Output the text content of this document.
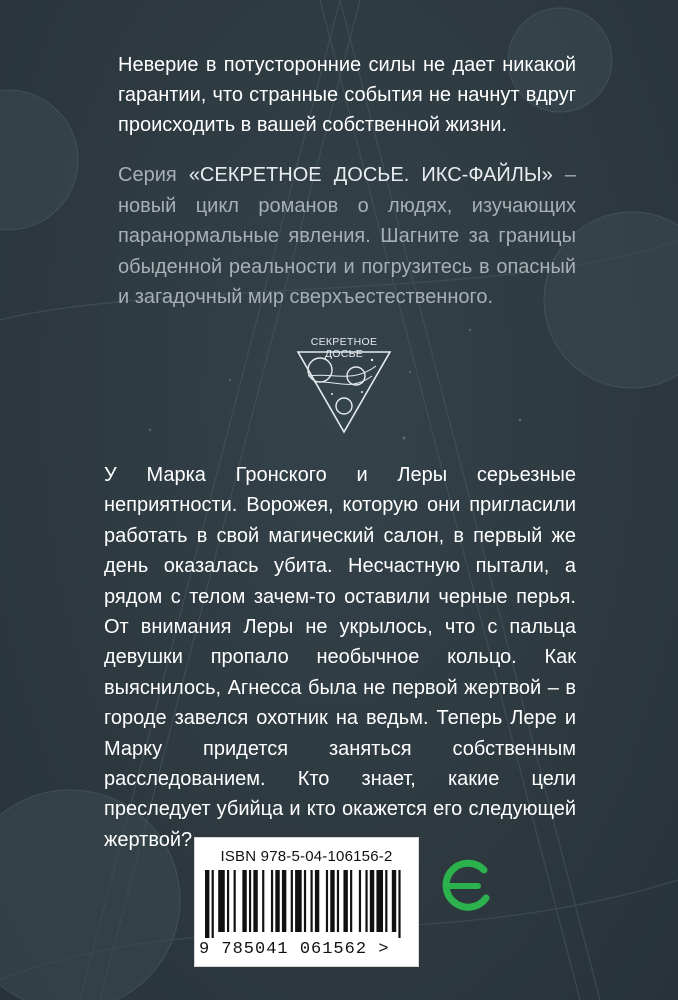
Неверие в потусторонние силы не дает никакой гарантии, что странные события не начнут вдруг происходить в вашей собственной жизни.
Серия «СЕКРЕТНОЕ ДОСЬЕ. ИКС-ФАЙЛЫ» – новый цикл романов о людях, изучающих паранормальные явления. Шагните за границы обыденной реальности и погрузитесь в опасный и загадочный мир сверхъестественного.
СЕКРЕТНОЕ ДОСЬЕ
У Марка Гронского и Леры серьезные неприятности. Ворожея, которую они пригласили работать в свой магический салон, в первый же день оказалась убита. Несчастную пытали, а рядом с телом зачем-то оставили черные перья. От внимания Леры не укрылось, что с пальца девушки пропало необычное кольцо. Как выяснилось, Агнесса была не первой жертвой – в городе завелся охотник на ведьм. Теперь Лере и Марку придется заняться собственным расследованием. Кто знает, какие цели преследует убийца и кто окажется его следующей жертвой?
ISBN 978-5-04-106156-2
9 785041 061562 >
